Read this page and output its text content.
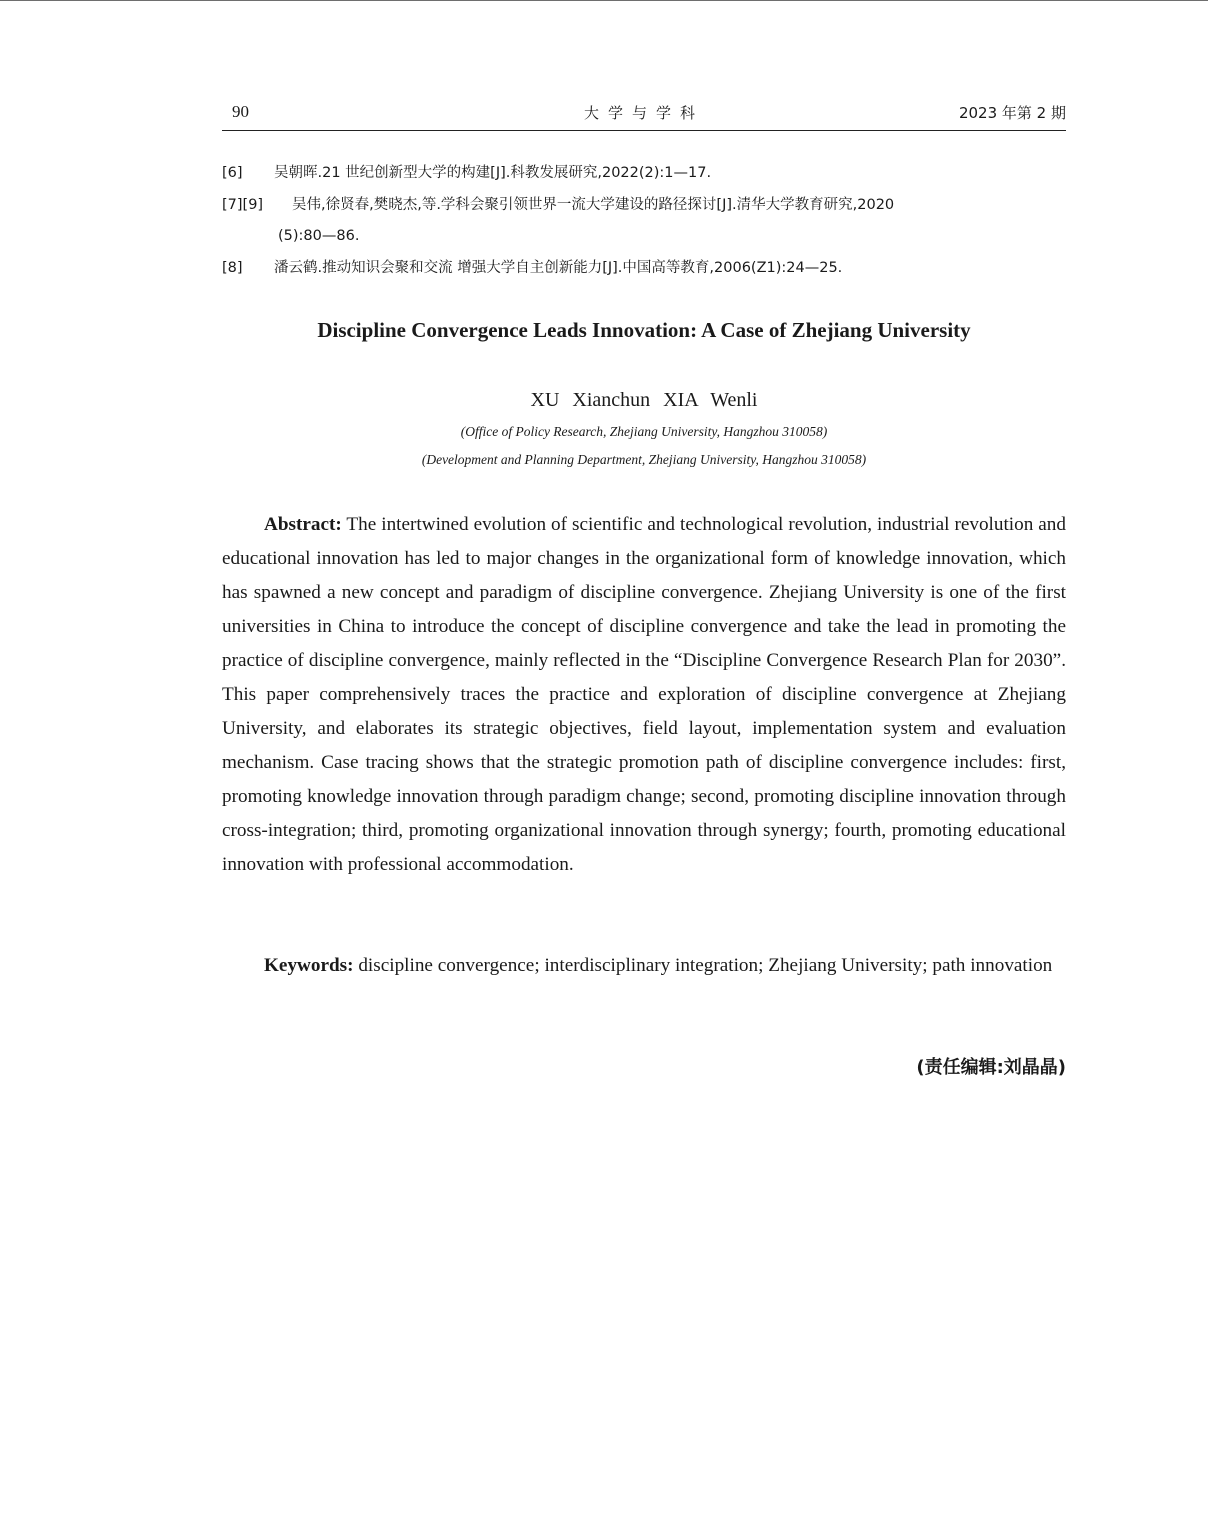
90	大学与学科	2023 年第 2 期
[6] 吴朝晖.21 世纪创新型大学的构建[J].科教发展研究,2022(2):1—17.
[7][9] 吴伟,徐贤春,樊晓杰,等.学科会聚引领世界一流大学建设的路径探讨[J].清华大学教育研究,2020
(5):80—86.
[8] 潘云鹤.推动知识会聚和交流 增强大学自主创新能力[J].中国高等教育,2006(Z1):24—25.
Discipline Convergence Leads Innovation: A Case of Zhejiang University
XU Xianchun XIA Wenli
(Office of Policy Research, Zhejiang University, Hangzhou 310058)
(Development and Planning Department, Zhejiang University, Hangzhou 310058)

Abstract: The intertwined evolution of scientific and technological revolution, industrial revolution and educational innovation has led to major changes in the organizational form of knowledge innovation, which has spawned a new concept and paradigm of discipline convergence. Zhejiang University is one of the first universities in China to introduce the concept of discipline convergence and take the lead in promoting the practice of discipline convergence, mainly reflected in the “Discipline Convergence Research Plan for 2030”. This paper comprehensively traces the practice and exploration of discipline convergence at Zhejiang University, and elaborates its strategic objectives, field layout, implementation system and evaluation mechanism. Case tracing shows that the strategic promotion path of discipline convergence includes: first, promoting knowledge innovation through paradigm change; second, promoting discipline innovation through cross-integration; third, promoting organizational innovation through synergy; fourth, promoting educational innovation with professional accommodation.

Keywords: discipline convergence; interdisciplinary integration; Zhejiang University; path innovation

(责任编辑:刘晶晶)
